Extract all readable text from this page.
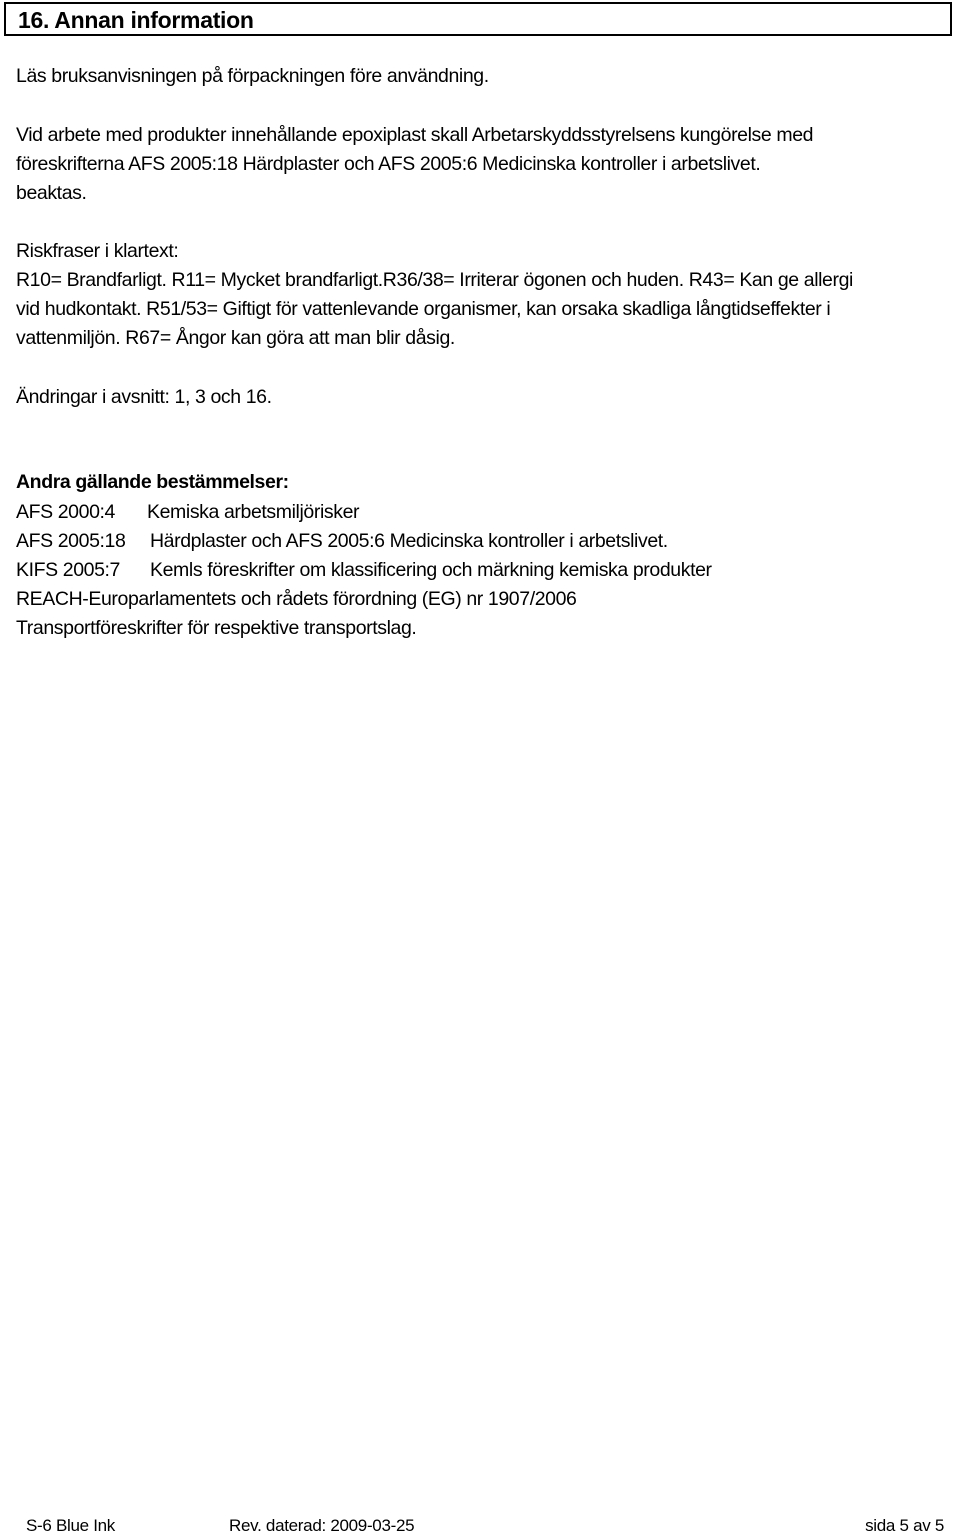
16. Annan information
Läs bruksanvisningen på förpackningen före användning.
Vid arbete med produkter innehållande epoxiplast skall Arbetarskyddsstyrelsens kungörelse med
föreskrifterna AFS 2005:18 Härdplaster och AFS 2005:6 Medicinska kontroller i arbetslivet.
beaktas.
Riskfraser i klartext:
R10= Brandfarligt. R11= Mycket brandfarligt.R36/38= Irriterar ögonen och huden. R43= Kan ge allergi
vid hudkontakt. R51/53= Giftigt för vattenlevande organismer, kan orsaka skadliga långtidseffekter i
vattenmiljön. R67= Ångor kan göra att man blir dåsig.
Ändringar i avsnitt: 1, 3 och 16.
Andra gällande bestämmelser:
AFS 2000:4 Kemiska arbetsmiljörisker
AFS 2005:18 Härdplaster och AFS 2005:6 Medicinska kontroller i arbetslivet.
KIFS 2005:7 Kemls föreskrifter om klassificering och märkning kemiska produkter
REACH-Europarlamentets och rådets förordning (EG) nr 1907/2006
Transportföreskrifter för respektive transportslag.
S-6 Blue Ink	Rev. daterad: 2009-03-25	sida 5 av 5
